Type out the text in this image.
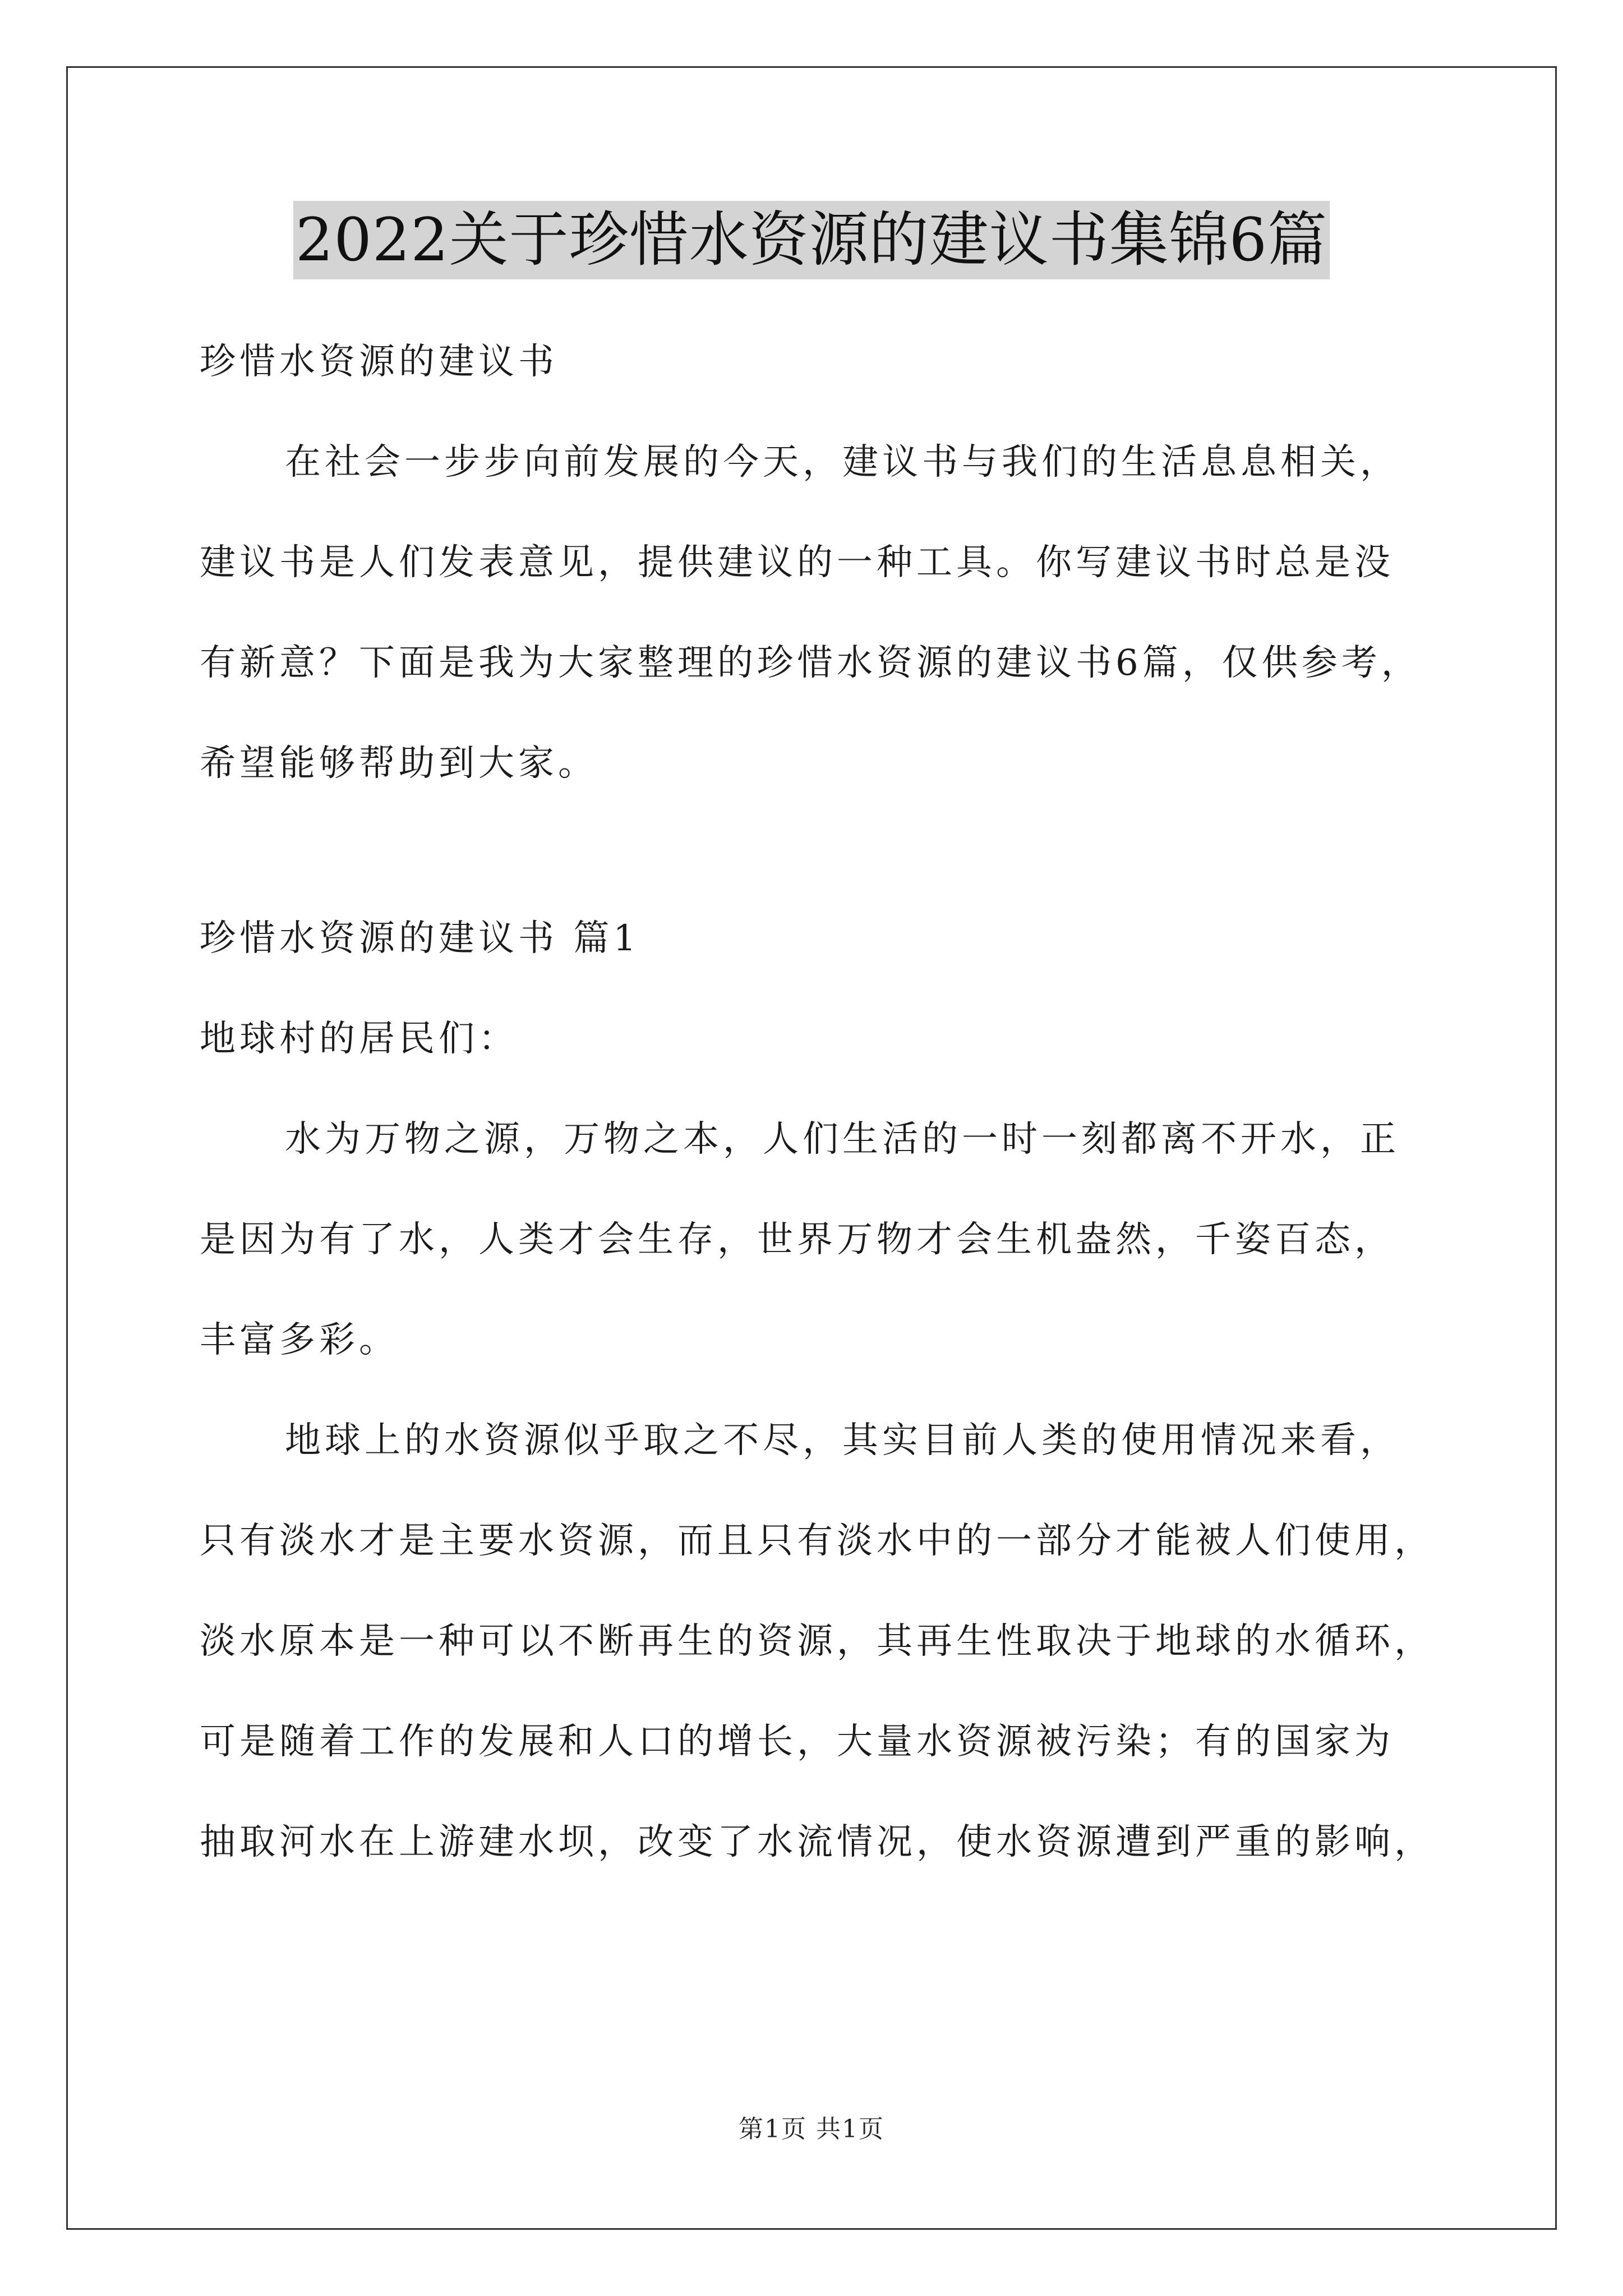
2022关于珍惜水资源的建议书集锦6篇
珍惜水资源的建议书
在社会一步步向前发展的今天，建议书与我们的生活息息相关，
建议书是人们发表意见，提供建议的一种工具。你写建议书时总是没
有新意？下面是我为大家整理的珍惜水资源的建议书6篇，仅供参考，
希望能够帮助到大家。
珍惜水资源的建议书 篇1
地球村的居民们：
水为万物之源，万物之本，人们生活的一时一刻都离不开水，正
是因为有了水，人类才会生存，世界万物才会生机盎然，千姿百态，
丰富多彩。
地球上的水资源似乎取之不尽，其实目前人类的使用情况来看，
只有淡水才是主要水资源，而且只有淡水中的一部分才能被人们使用，
淡水原本是一种可以不断再生的资源，其再生性取决于地球的水循环，
可是随着工作的发展和人口的增长，大量水资源被污染；有的国家为
抽取河水在上游建水坝，改变了水流情况，使水资源遭到严重的影响，
第1页 共1页
